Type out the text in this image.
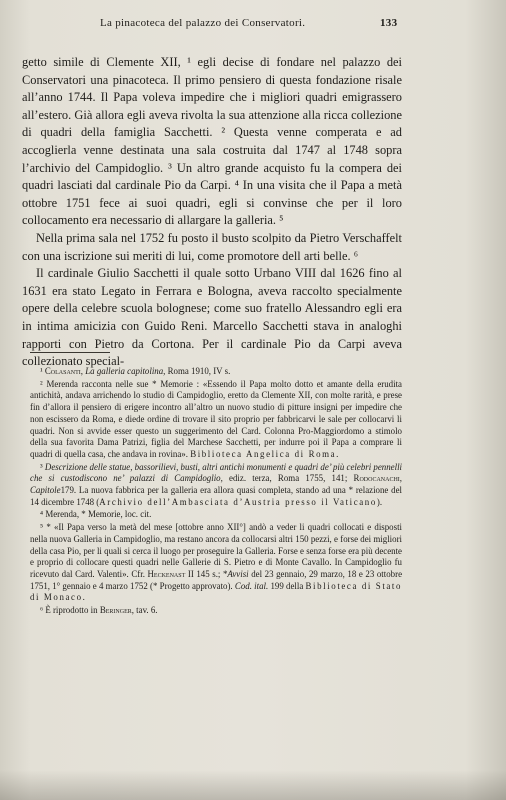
La pinacoteca del palazzo dei Conservatori.	133

getto simile di Clemente XII, ¹ egli decise di fondare nel palazzo dei Conservatori una pinacoteca. Il primo pensiero di questa fondazione risale all’anno 1744. Il Papa voleva impedire che i migliori quadri emigrassero all’estero. Già allora egli aveva rivolta la sua attenzione alla ricca collezione di quadri della famiglia Sacchetti. ² Questa venne comperata e ad accoglierla venne destinata una sala costruita dal 1747 al 1748 sopra l’archivio del Campidoglio. ³ Un altro grande acquisto fu la compera dei quadri lasciati dal cardinale Pio da Carpi. ⁴ In una visita che il Papa a metà ottobre 1751 fece ai suoi quadri, egli si convinse che per il loro collocamento era necessario di allargare la galleria. ⁵

Nella prima sala nel 1752 fu posto il busto scolpito da Pietro Verschaffelt con una iscrizione sui meriti di lui, come promotore dell arti belle. ⁶

Il cardinale Giulio Sacchetti il quale sotto Urbano VIII dal 1626 fino al 1631 era stato Legato in Ferrara e Bologna, aveva raccolto specialmente opere della celebre scuola bolognese; come suo fratello Alessandro egli era in intima amicizia con Guido Reni. Marcello Sacchetti stava in analoghi rapporti con Pietro da Cortona. Per il cardinale Pio da Carpi aveva collezionato special-

¹ Colasanti, La galleria capitolina, Roma 1910, IV s.

² Merenda racconta nelle sue * Memorie : «Essendo il Papa molto dotto et amante della erudita antichità, andava arrichendo lo studio di Campidoglio, eretto da Clemente XII, con molte rarità, e prese fin d’allora il pensiero di erigere incontro all’altro un nuovo studio di pitture insigni per impedire che non escissero da Roma, e diede ordine di trovare il sito proprio per fabbricarvi le sale per collocarvi li quadri. Non si avvide esser questo un suggerimento del Card. Colonna Pro-Maggiordomo a stimolo della sua favorita Dama Patrizi, figlia del Marchese Sacchetti, per indurre poi il Papa a comprare li quadri di quella casa, che andava in rovina». Biblioteca Angelica di Roma.

³ Descrizione delle statue, bassorilievi, busti, altri antichi monumenti e quadri de’ più celebri pennelli che si custodiscono ne’ palazzi di Campidoglio, ediz. terza, Roma 1755, 141; Rodocanachi, Capitole179. La nuova fabbrica per la galleria era allora quasi completa, stando ad una * relazione del 14 dicembre 1748 (Archivio dell’Ambasciata d’Austria presso il Vaticano).

⁴ Merenda, * Memorie, loc. cit.

⁵ * «Il Papa verso la metà del mese [ottobre anno XII°] andò a veder li quadri collocati e disposti nella nuova Galleria in Campidoglio, ma restano ancora da collocarsi altri 150 pezzi, e forse dei migliori della casa Pio, per li quali si cerca il luogo per proseguire la Galleria. Forse e senza forse era più decente e proprio di collocare questi quadri nelle Gallerie di S. Pietro e di Monte Cavallo. In Campidoglio fu ricevuto dal Card. Valenti». Cfr. Heckenast II 145 s.; *Avvisi del 23 gennaio, 29 marzo, 18 e 23 ottobre 1751, 1° gennaio e 4 marzo 1752 (* Progetto approvato). Cod. ital. 199 della Biblioteca di Stato di Monaco.

⁶ È riprodotto in Beringer, tav. 6.
